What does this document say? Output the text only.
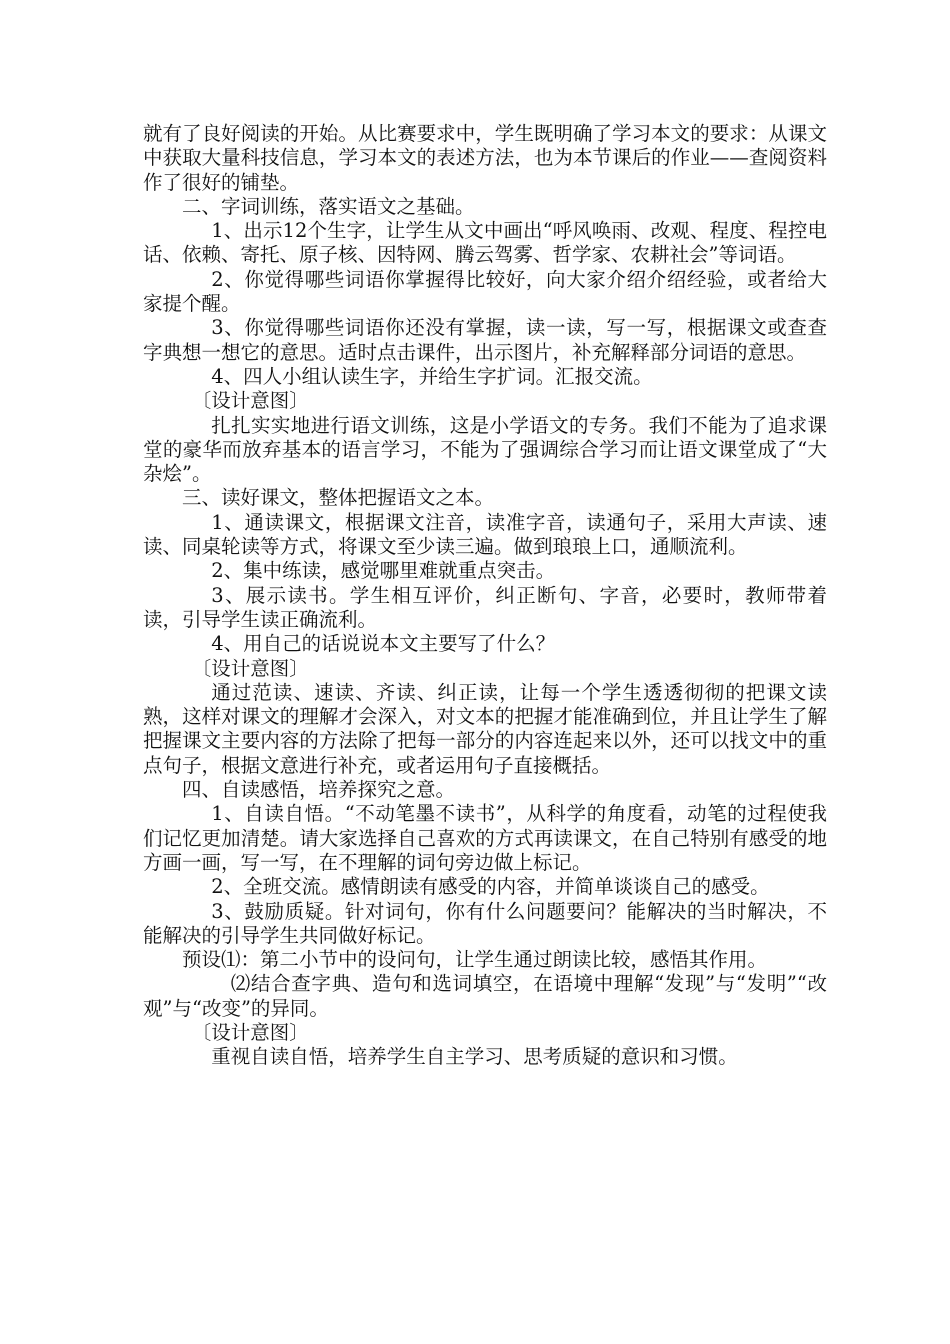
就有了良好阅读的开始。从比赛要求中，学生既明确了学习本文的要求：从课文中获取大量科技信息，学习本文的表述方法，也为本节课后的作业——查阅资料作了很好的铺垫。

二、字词训练，落实语文之基础。

1、出示12个生字，让学生从文中画出“呼风唤雨、改观、程度、程控电话、依赖、寄托、原子核、因特网、腾云驾雾、哲学家、农耕社会”等词语。

2、你觉得哪些词语你掌握得比较好，向大家介绍介绍经验，或者给大家提个醒。

3、你觉得哪些词语你还没有掌握，读一读，写一写，根据课文或查查字典想一想它的意思。适时点击课件，出示图片，补充解释部分词语的意思。

4、四人小组认读生字，并给生字扩词。汇报交流。

〔设计意图〕

扎扎实实地进行语文训练，这是小学语文的专务。我们不能为了追求课堂的豪华而放弃基本的语言学习，不能为了强调综合学习而让语文课堂成了“大杂烩”。

三、读好课文，整体把握语文之本。

1、通读课文，根据课文注音，读准字音，读通句子，采用大声读、速读、同桌轮读等方式，将课文至少读三遍。做到琅琅上口，通顺流利。

2、集中练读，感觉哪里难就重点突击。

3、展示读书。学生相互评价，纠正断句、字音，必要时，教师带着读，引导学生读正确流利。

4、用自己的话说说本文主要写了什么？

〔设计意图〕

通过范读、速读、齐读、纠正读，让每一个学生透透彻彻的把课文读熟，这样对课文的理解才会深入，对文本的把握才能准确到位，并且让学生了解把握课文主要内容的方法除了把每一部分的内容连起来以外，还可以找文中的重点句子，根据文意进行补充，或者运用句子直接概括。

四、自读感悟，培养探究之意。

1、自读自悟。“不动笔墨不读书”，从科学的角度看，动笔的过程使我们记忆更加清楚。请大家选择自己喜欢的方式再读课文，在自己特别有感受的地方画一画，写一写，在不理解的词句旁边做上标记。

2、全班交流。感情朗读有感受的内容，并简单谈谈自己的感受。

3、鼓励质疑。针对词句，你有什么问题要问？能解决的当时解决，不能解决的引导学生共同做好标记。

预设⑴：第二小节中的设问句，让学生通过朗读比较，感悟其作用。

⑵结合查字典、造句和选词填空，在语境中理解“发现”与“发明”“改观”与“改变”的异同。

〔设计意图〕

重视自读自悟，培养学生自主学习、思考质疑的意识和习惯。
